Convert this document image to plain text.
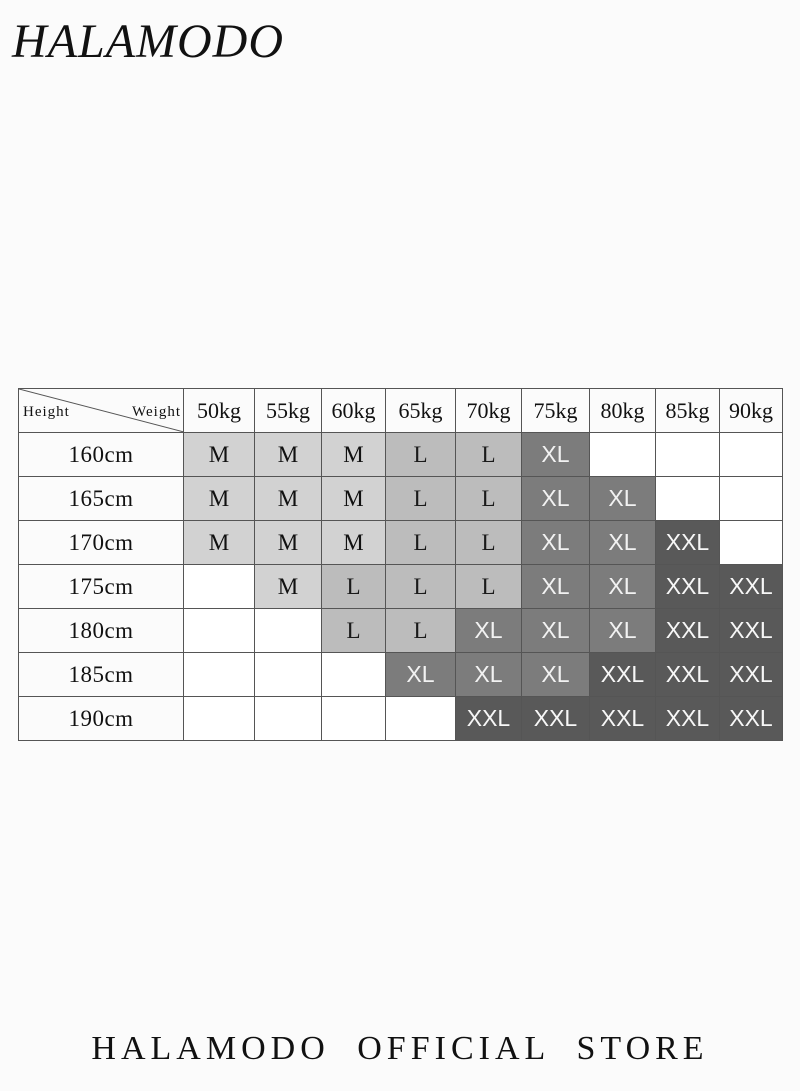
HALAMODO
Height Weight	50kg	55kg	60kg	65kg	70kg	75kg	80kg	85kg	90kg
160cm	M	M	M	L	L	XL			
165cm	M	M	M	L	L	XL	XL		
170cm	M	M	M	L	L	XL	XL	XXL	
175cm		M	L	L	L	XL	XL	XXL	XXL
180cm			L	L	XL	XL	XL	XXL	XXL
185cm				XL	XL	XL	XXL	XXL	XXL
190cm					XXL	XXL	XXL	XXL	XXL
HALAMODO OFFICIAL STORE
